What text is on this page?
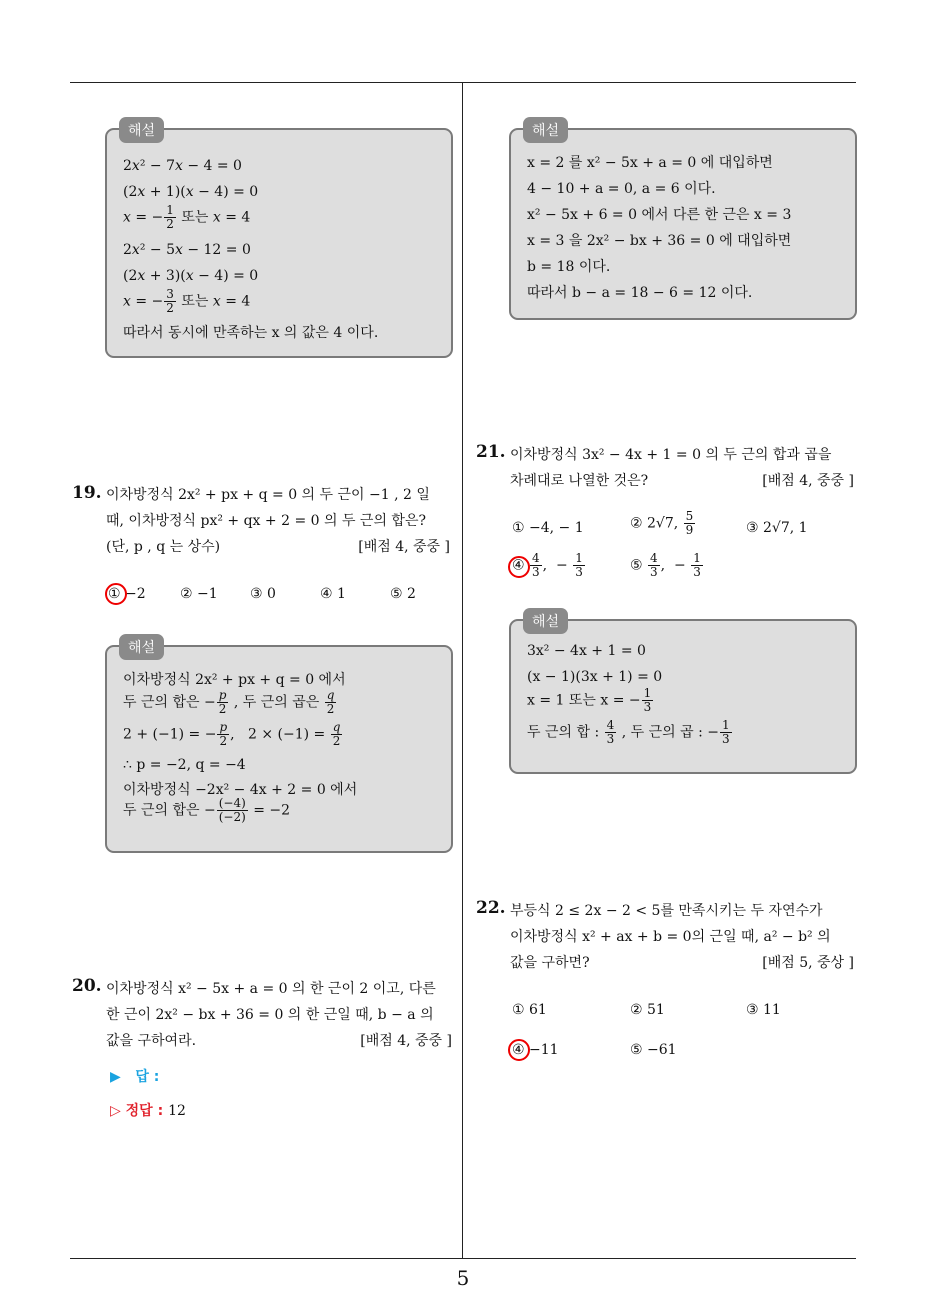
5
해설
2x² − 7x − 4 = 0
(2x + 1)(x − 4) = 0
x = − $\frac{1}{2}$ 또는 x = 4
2x² − 5x − 12 = 0
(2x + 3)(x − 4) = 0
x = − $\frac{3}{2}$ 또는 x = 4
따라서 동시에 만족하는 x 의 값은 4 이다.
해설
x = 2 를 x² − 5x + a = 0 에 대입하면
4 − 10 + a = 0, a = 6 이다.
x² − 5x + 6 = 0 에서 다른 한 근은 x = 3
x = 3 을 2x² − bx + 36 = 0 에 대입하면
b = 18 이다.
따라서 b − a = 18 − 6 = 12 이다.
19. 이차방정식 2x² + px + q = 0 의 두 근이 −1 , 2 일
때, 이차방정식 px² + qx + 2 = 0 의 두 근의 합은?
(단, p , q 는 상수)	[배점 4, 중중 ]
① −2 ② −1 ③ 0	④ 1	⑤ 2
해설
이차방정식 2x² + px + q = 0 에서
두 근의 합은 − $\frac{p}{2}$ , 두 근의 곱은 $\frac{q}{2}$
2 + (−1) = − $\frac{p}{2}$ ,   $2 \times (-1) = \frac{q}{2}$
∴ p = −2, q = −4
이차방정식 −2x² − 4x + 2 = 0 에서
두 근의 합은 − $\frac{(-4)}{(-2)} = -2$
20. 이차방정식 x² − 5x + a = 0 의 한 근이 2 이고, 다른
한 근이 2x² − bx + 36 = 0 의 한 근일 때, b − a 의
값을 구하여라.	[배점 4, 중중 ]
▶ 답 :
▷ 정답 : 12
21. 이차방정식 3x² − 4x + 1 = 0 의 두 근의 합과 곱을
차례대로 나열한 것은?	[배점 4, 중중 ]
① −4, − 1	② 2√7, $\frac{5}{9}$	③ 2√7, 1
④ $\frac{4}{3}$ ,  − $\frac{1}{3}$	⑤ $\frac{4}{3}$ ,  − $\frac{1}{3}$
해설
3x² − 4x + 1 = 0
(x − 1)(3x + 1) = 0
x = 1 또는 x = − $\frac{1}{3}$
두 근의 합 : $\frac{4}{3}$ , 두 근의 곱 : − $\frac{1}{3}$
22. 부등식 2 ≤ 2x − 2 < 5를 만족시키는 두 자연수가
이차방정식 x² + ax + b = 0의 근일 때, a² − b² 의
값을 구하면?	[배점 5, 중상 ]
① 61	② 51	③ 11
④ −11	⑤ −61
